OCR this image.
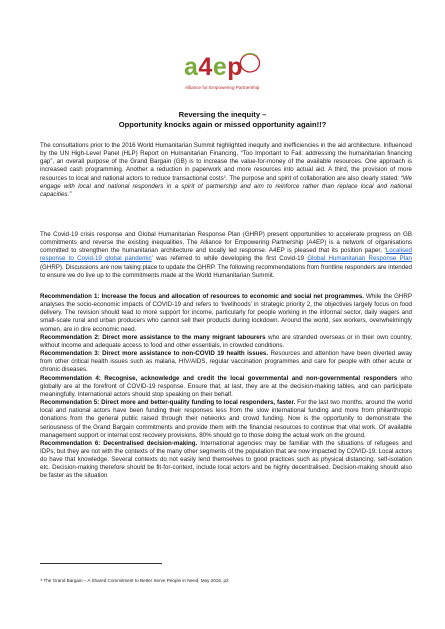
a4ep
Alliance for Empowering Partnership
Reversing the inequity –
Opportunity knocks again or missed opportunity again!!?
The consultations prior to the 2016 World Humanitarian Summit highlighted inequity and inefficiencies in the aid architecture. Influenced by the UN High-Level Panel (HLP) Report on Humanitarian Financing, “Too Important to Fail: addressing the humanitarian financing gap”, an overall purpose of the Grand Bargain (GB) is to increase the value-for-money of the available resources. One approach is increased cash programming. Another a reduction in paperwork and more resources into actual aid. A third, the provision of more resources to local and national actors to reduce transactional costs$^1$. The purpose and spirit of collaboration are also clearly stated: “We engage with local and national responders in a spirit of partnership and aim to reinforce rather than replace local and national capacities.”
The Covid-19 crisis response and Global Humanitarian Response Plan (GHRP) present opportunities to accelerate progress on GB commitments and reverse the existing inequalities. The Alliance for Empowering Partnership (A4EP) is a network of organisations committed to strengthen the humanitarian architecture and locally led response. A4EP is pleased that its position paper, ‘Localised response to Covid-19 global pandemic’ was referred to while developing the first Covid-19 Global Humanitarian Response Plan (GHRP). Discussions are now taking place to update the GHRP. The following recommendations from frontline responders are intended to ensure we do live up to the commitments made at the World Humanitarian Summit.
Recommendation 1: Increase the focus and allocation of resources to economic and social net programmes. While the GHRP analyses the socio-economic impacts of COVID-19 and refers to ‘livelihoods’ in strategic priority 2, the objectives largely focus on food delivery. The revision should lead to more support for income, particularly for people working in the informal sector, daily wagers and small-scale rural and urban producers who cannot sell their products during lockdown. Around the world, sex workers, overwhelmingly women, are in dire economic need.
Recommendation 2: Direct more assistance to the many migrant labourers who are stranded overseas or in their own country, without income and adequate access to food and other essentials, in crowded conditions.
Recommendation 3: Direct more assistance to non-COVID 19 health issues. Resources and attention have been diverted away from other critical health issues such as malaria, HIV/AIDS, regular vaccination programmes and care for people with other acute or chronic diseases.
Recommendation 4: Recognise, acknowledge and credit the local governmental and non-governmental responders who globally are at the forefront of COVID-19 response. Ensure that, at last, they are at the decision-making tables, and can participate meaningfully. International actors should stop speaking on their behalf.
Recommendation 5: Direct more and better-quality funding to local responders, faster. For the last two months, around the world local and national actors have been funding their responses less from the slow international funding and more from philanthropic donations from the general public raised through their networks and crowd funding. Now is the opportunity to demonstrate the seriousness of the Grand Bargain commitments and provide them with the financial resources to continue that vital work. Of available management support or internal cost recovery provisions, 80% should go to those doing the actual work on the ground.
Recommendation 6: Decentralised decision-making. International agencies may be familiar with the situations of refugees and IDPs, but they are not with the contexts of the many other segments of the population that are now impacted by COVID-19. Local actors do have that knowledge. Several contexts do not easily lend themselves to good practices such as physical distancing, self-isolation etc. Decision-making therefore should be fit-for-context, include local actors and be highly decentralised. Decision-making should also be faster as the situation
$^1$ The Grand Bargain – A Shared Commitment to Better Serve People in Need, May 2016, p2
